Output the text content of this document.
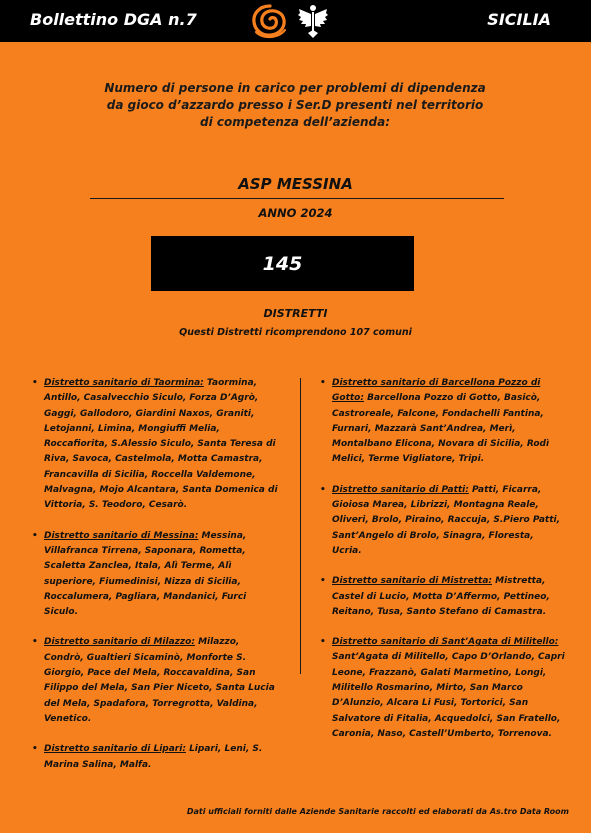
Bollettino DGA n.7	SICILIA
Numero di persone in carico per problemi di dipendenza da gioco d’azzardo presso i Ser.D presenti nel territorio di competenza dell’azienda:
ASP MESSINA
ANNO 2024
145
DISTRETTI
Questi Distretti ricomprendono 107 comuni
• Distretto sanitario di Taormina: Taormina, Antillo, Casalvecchio Siculo, Forza D’Agrò, Gaggi, Gallodoro, Giardini Naxos, Graniti, Letojanni, Limina, Mongiuffi Melia, Roccafiorita, S.Alessio Siculo, Santa Teresa di Riva, Savoca, Castelmola, Motta Camastra, Francavilla di Sicilia, Roccella Valdemone, Malvagna, Mojo Alcantara, Santa Domenica di Vittoria, S. Teodoro, Cesarò.
• Distretto sanitario di Messina: Messina, Villafranca Tirrena, Saponara, Rometta, Scaletta Zanclea, Itala, Alì Terme, Alì superiore, Fiumedinisi, Nizza di Sicilia, Roccalumera, Pagliara, Mandanici, Furci Siculo.
• Distretto sanitario di Milazzo: Milazzo, Condrò, Gualtieri Sicaminò, Monforte S. Giorgio, Pace del Mela, Roccavaldina, San Filippo del Mela, San Pier Niceto, Santa Lucia del Mela, Spadafora, Torregrotta, Valdina, Venetico.
• Distretto sanitario di Lipari: Lipari, Leni, S. Marina Salina, Malfa.
• Distretto sanitario di Barcellona Pozzo di Gotto: Barcellona Pozzo di Gotto, Basicò, Castroreale, Falcone, Fondachelli Fantina, Furnari, Mazzarà Sant’Andrea, Merì, Montalbano Elicona, Novara di Sicilia, Rodì Melici, Terme Vigliatore, Tripi.
• Distretto sanitario di Patti: Patti, Ficarra, Gioiosa Marea, Librizzi, Montagna Reale, Oliveri, Brolo, Piraino, Raccuja, S.Piero Patti, Sant’Angelo di Brolo, Sinagra, Floresta, Ucria.
• Distretto sanitario di Mistretta: Mistretta, Castel di Lucio, Motta D’Affermo, Pettineo, Reitano, Tusa, Santo Stefano di Camastra.
• Distretto sanitario di Sant’Agata di Militello: Sant’Agata di Militello, Capo D’Orlando, Capri Leone, Frazzanò, Galati Marmetino, Longi, Militello Rosmarino, Mirto, San Marco D’Alunzio, Alcara Li Fusi, Tortorici, San Salvatore di Fitalia, Acquedolci, San Fratello, Caronia, Naso, Castell’Umberto, Torrenova.
Dati ufficiali forniti dalle Aziende Sanitarie raccolti ed elaborati da As.tro Data Room
